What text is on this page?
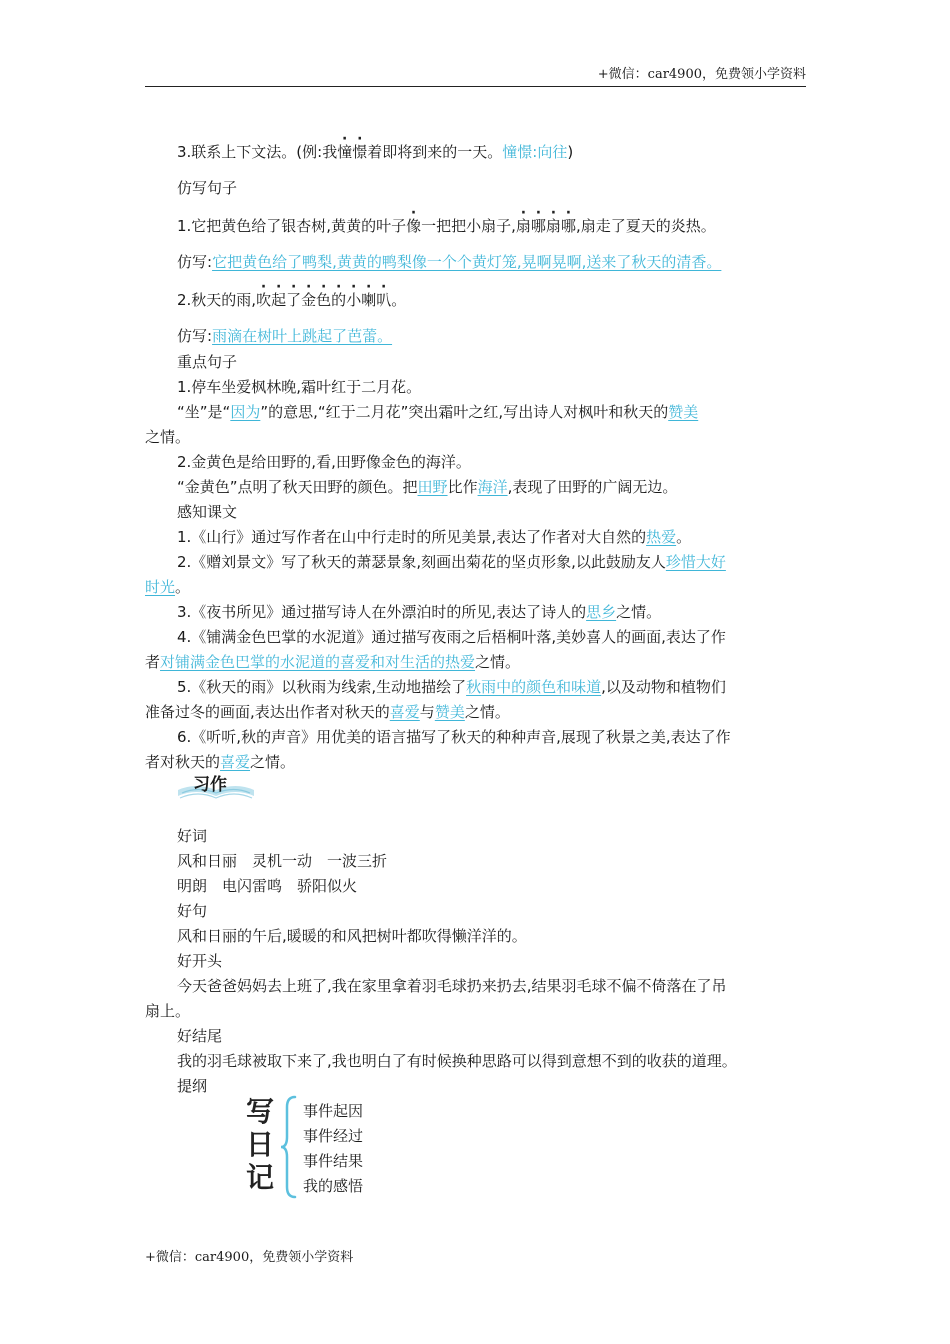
+微信：car4900，免费领小学资料
3.联系上下文法。(例:我憧憬着即将到来的一天。憧憬:向往)
仿写句子
1.它把黄色给了银杏树,黄黄的叶子像一把把小扇子,扇哪扇哪,扇走了夏天的炎热。
仿写:它把黄色给了鸭梨,黄黄的鸭梨像一个个黄灯笼,晃啊晃啊,送来了秋天的清香。
2.秋天的雨,吹起了金色的小喇叭。
仿写:雨滴在树叶上跳起了芭蕾。
重点句子
1.停车坐爱枫林晚,霜叶红于二月花。
“坐”是“因为”的意思,“红于二月花”突出霜叶之红,写出诗人对枫叶和秋天的赞美
之情。
2.金黄色是给田野的,看,田野像金色的海洋。
“金黄色”点明了秋天田野的颜色。把田野比作海洋,表现了田野的广阔无边。
感知课文
1.《山行》通过写作者在山中行走时的所见美景,表达了作者对大自然的热爱。
2.《赠刘景文》写了秋天的萧瑟景象,刻画出菊花的坚贞形象,以此鼓励友人珍惜大好
时光。
3.《夜书所见》通过描写诗人在外漂泊时的所见,表达了诗人的思乡之情。
4.《铺满金色巴掌的水泥道》通过描写夜雨之后梧桐叶落,美妙喜人的画面,表达了作
者对铺满金色巴掌的水泥道的喜爱和对生活的热爱之情。
5.《秋天的雨》以秋雨为线索,生动地描绘了秋雨中的颜色和味道,以及动物和植物们
准备过冬的画面,表达出作者对秋天的喜爱与赞美之情。
6.《听听,秋的声音》用优美的语言描写了秋天的种种声音,展现了秋景之美,表达了作
者对秋天的喜爱之情。
习作
好词
风和日丽　灵机一动　一波三折
明朗　电闪雷鸣　骄阳似火
好句
风和日丽的午后,暖暖的和风把树叶都吹得懒洋洋的。
好开头
今天爸爸妈妈去上班了,我在家里拿着羽毛球扔来扔去,结果羽毛球不偏不倚落在了吊
扇上。
好结尾
我的羽毛球被取下来了,我也明白了有时候换种思路可以得到意想不到的收获的道理。
提纲
写
日
记
事件起因
事件经过
事件结果
我的感悟
+微信：car4900，免费领小学资料
